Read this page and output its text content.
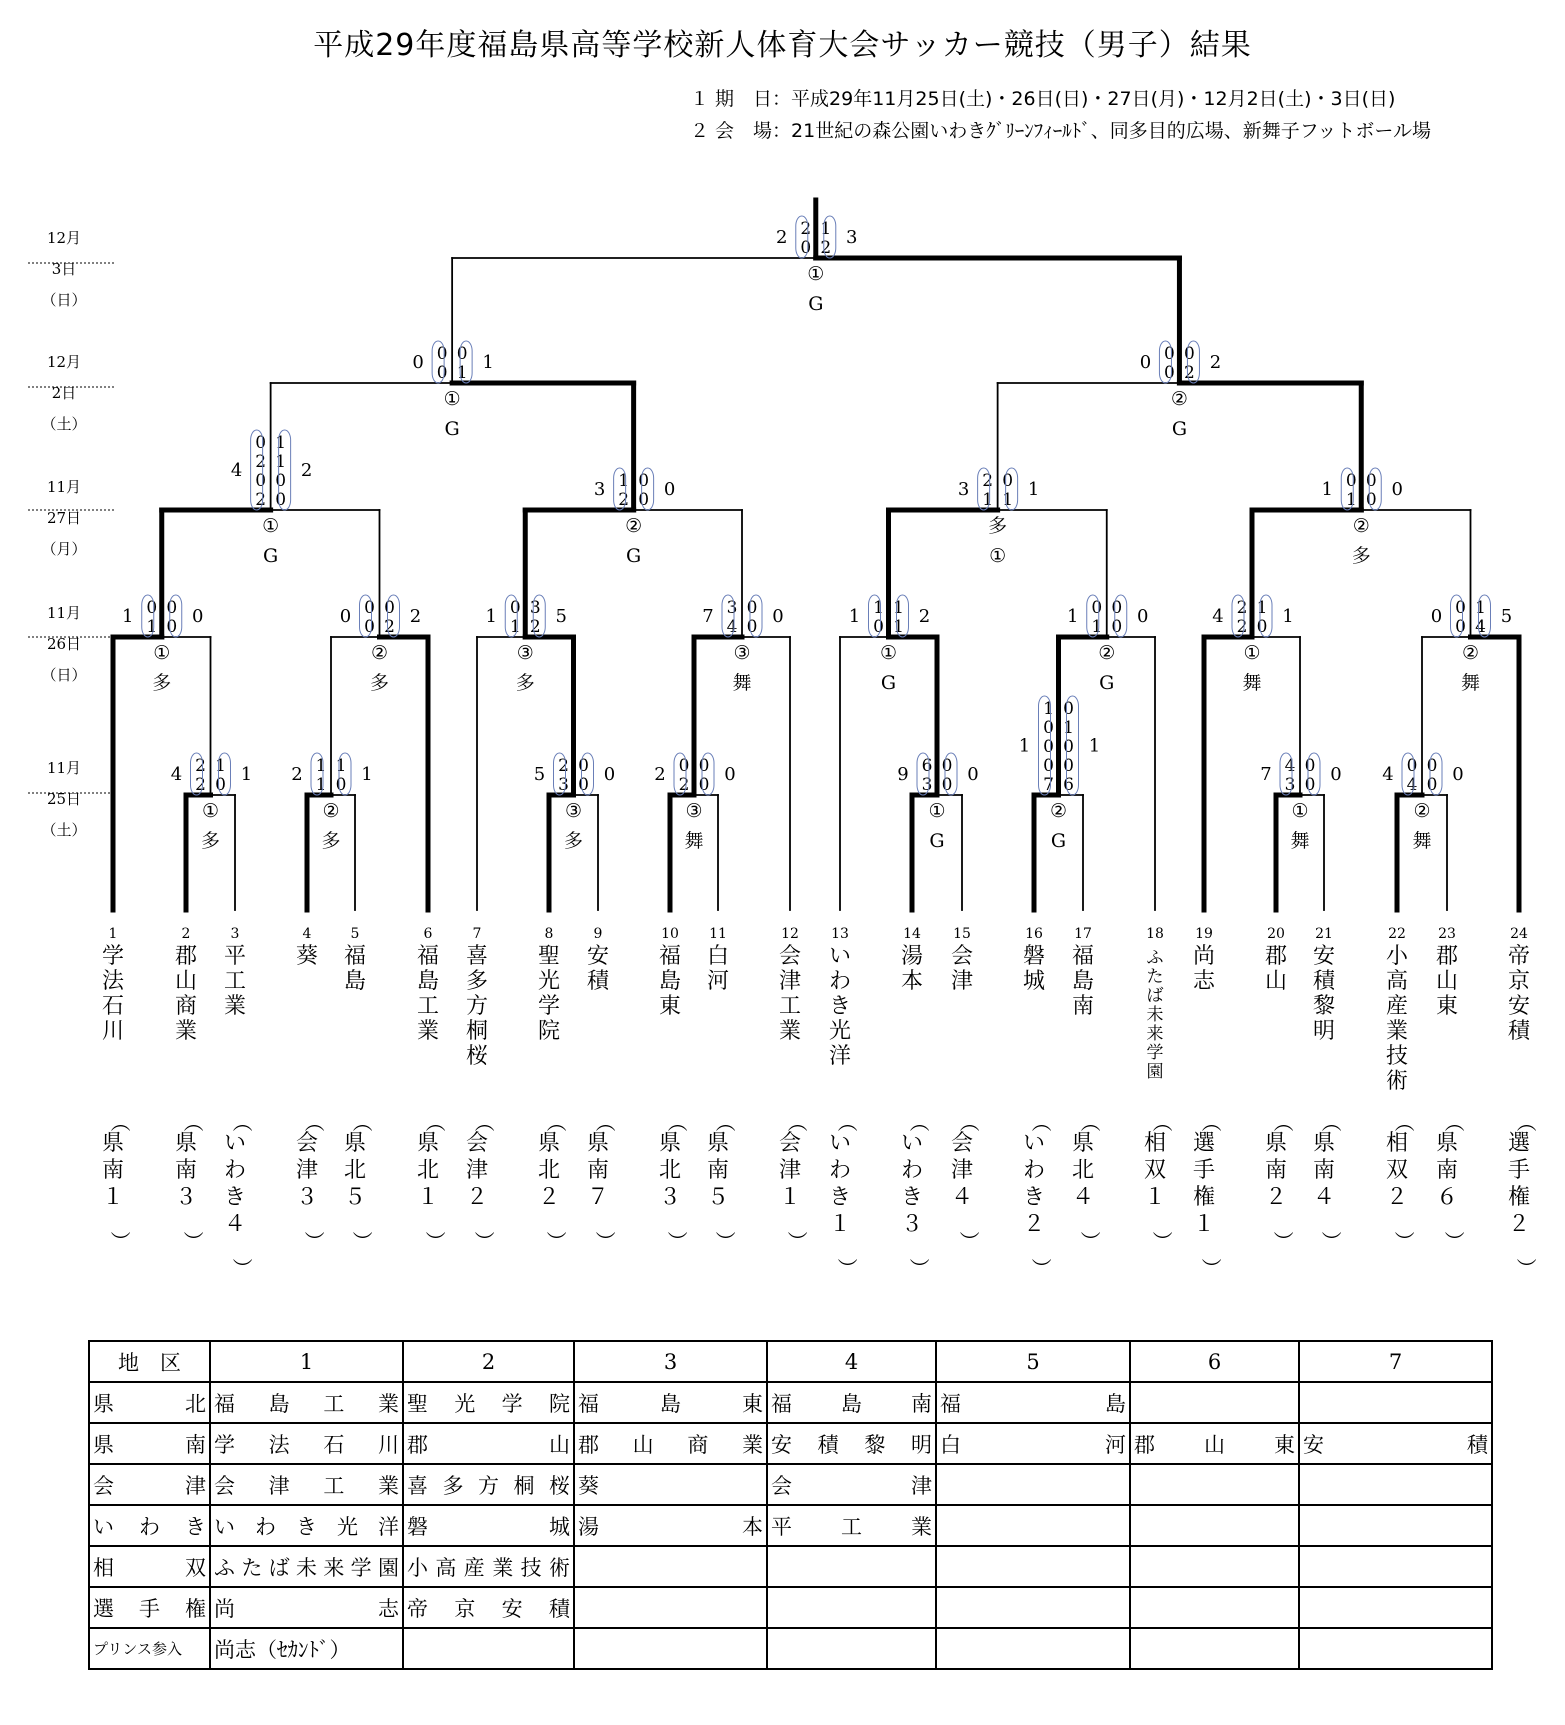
平成29年度福島県高等学校新人体育大会サッカー競技（男子）結果
１ 期　日：平成29年11月25日(土)・26日(日)・27日(月)・12月2日(土)・3日(日)
２ 会　場：21世紀の森公園いわきｸﾞﾘｰﾝﾌｨｰﾙﾄﾞ、同多目的広場、新舞子フットボール場
12月
3日
（日）
12月
2日
（土）
11月
27日
（月）
11月
26日
（日）
11月
25日
（土）
2
2
1
0
4	1
①
多
1
1
1
0
2	1
②
多
2
3
0
0
5	0
③
多
0
2
0
0
2	0
③
舞
6
3
0
0
9	0
①
G
1
0
0
0
7
0
1
0
0
6
1	1
②
G
4
3
0
0
7	0
①
舞
0
4
0
0
4	0
②
舞
0
1
0
0
1	0
①
多
0
0
0
2
0	2
②
多
0
1
3
2
1	5
③
多
3
4
0
0
7	0
③
舞
1
0
1
1
1	2
①
G
0
1
0
0
1	0
②
G
2
2
1
0
4	1
①
舞
0
0
1
4
0	5
②
舞
0
2
0
2
1
1
0
0
4	2
①
G
1
2
0
0
3	0
②
G
2
1
0
1
3	1
多
①
0
1
0
0
1	0
②
多
0
0
0
1
0	1
①
G
0
0
0
2
0	2
②
G
2
0
1
2
2	3
①
G
1
学
法
石
川
（
県
南
１
）
2
郡
山
商
業
（
県
南
３
）
3
平
工
業
（
い
わ
き
４
）
4
葵
（
会
津
３
）
5
福
島
（
県
北
５
）
6
福
島
工
業
（
県
北
１
）
7
喜
多
方
桐
桜
（
会
津
２
）
8
聖
光
学
院
（
県
北
２
）
9
安
積
（
県
南
７
）
10
福
島
東
（
県
北
３
）
11
白
河
（
県
南
５
）
12
会
津
工
業
（
会
津
１
）
13
い
わ
き
光
洋
（
い
わ
き
１
）
14
湯
本
（
い
わ
き
３
）
15
会
津
（
会
津
４
）
16
磐
城
（
い
わ
き
２
）
17
福
島
南
（
県
北
４
）
18
ふ
た
ば
未
来
学
園
（
相
双
１
）
19
尚
志
（
選
手
権
１
）
20
郡
山
（
県
南
２
）
21
安
積
黎
明
（
県
南
４
）
22
小
高
産
業
技
術
（
相
双
２
）
23
郡
山
東
（
県
南
６
）
24
帝
京
安
積
（
選
手
権
２
）
地　区	1	2	3	4	5	6	7
県北	福島工業	聖光学院	福島東	福島南	福島		
県南	学法石川	郡山	郡山商業	安積黎明	白河	郡山東	安積
会津	会津工業	喜多方桐桜	葵	会津			
いわき	いわき光洋	磐城	湯本	平工業			
相双	ふたば未来学園	小高産業技術					
選手権	尚志	帝京安積					
プリンス参入	尚志（ｾｶﾝﾄﾞ）						
